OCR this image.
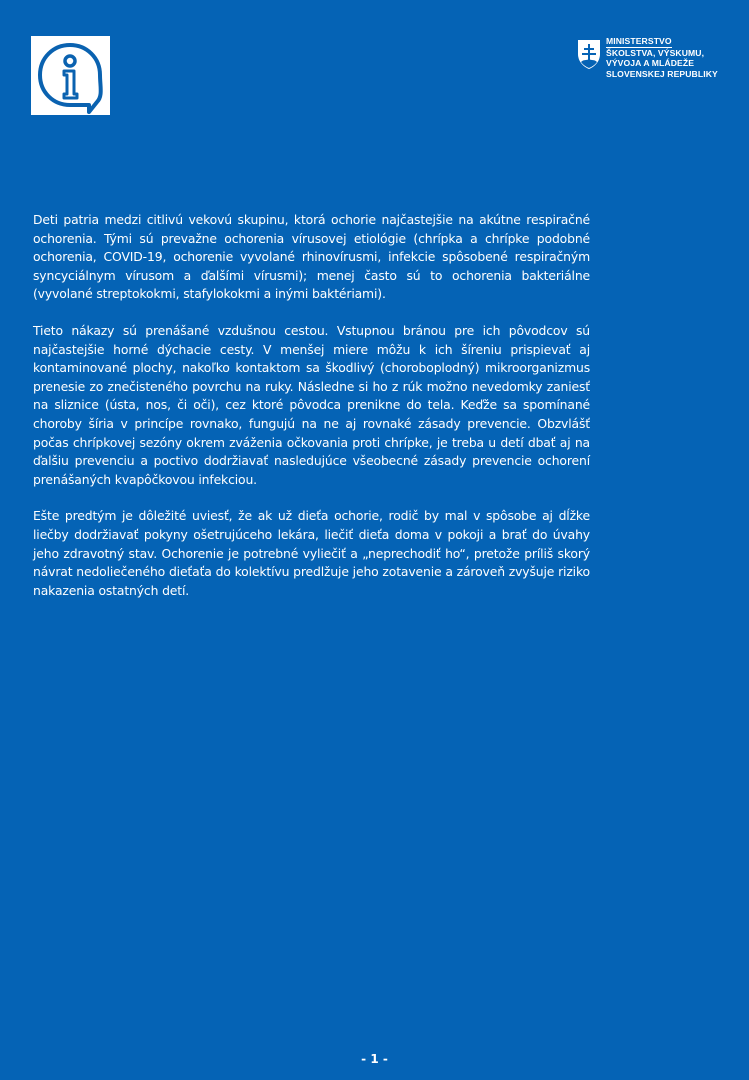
MINISTERSTVO
ŠKOLSTVA, VÝSKUMU,
VÝVOJA A MLÁDEŽE
SLOVENSKEJ REPUBLIKY

Deti patria medzi citlivú vekovú skupinu, ktorá ochorie najčastejšie na akútne respiračné ochorenia. Tými sú prevažne ochorenia vírusovej etiológie (chrípka a chrípke podobné ochorenia, COVID-19, ochorenie vyvolané rhinovírusmi, infekcie spôsobené respiračným syncyciálnym vírusom a ďalšími vírusmi); menej často sú to ochorenia bakteriálne (vyvolané streptokokmi, stafylokokmi a inými baktériami).

Tieto nákazy sú prenášané vzdušnou cestou. Vstupnou bránou pre ich pôvodcov sú najčastejšie horné dýchacie cesty. V menšej miere môžu k ich šíreniu prispievať aj kontaminované plochy, nakoľko kontaktom sa škodlivý (choroboplodný) mikroorganizmus prenesie zo znečisteného povrchu na ruky. Následne si ho z rúk možno nevedomky zaniesť na sliznice (ústa, nos, či oči), cez ktoré pôvodca prenikne do tela. Keďže sa spomínané choroby šíria v princípe rovnako, fungujú na ne aj rovnaké zásady prevencie. Obzvlášť počas chrípkovej sezóny okrem zváženia očkovania proti chrípke, je treba u detí dbať aj na ďalšiu prevenciu a poctivo dodržiavať nasledujúce všeobecné zásady prevencie ochorení prenášaných kvapôčkovou infekciou.

Ešte predtým je dôležité uviesť, že ak už dieťa ochorie, rodič by mal v spôsobe aj dĺžke liečby dodržiavať pokyny ošetrujúceho lekára, liečiť dieťa doma v pokoji a brať do úvahy jeho zdravotný stav. Ochorenie je potrebné vyliečiť a „neprechodiť ho“, pretože príliš skorý návrat nedoliečeného dieťaťa do kolektívu predlžuje jeho zotavenie a zároveň zvyšuje riziko nakazenia ostatných detí.

- 1 -
